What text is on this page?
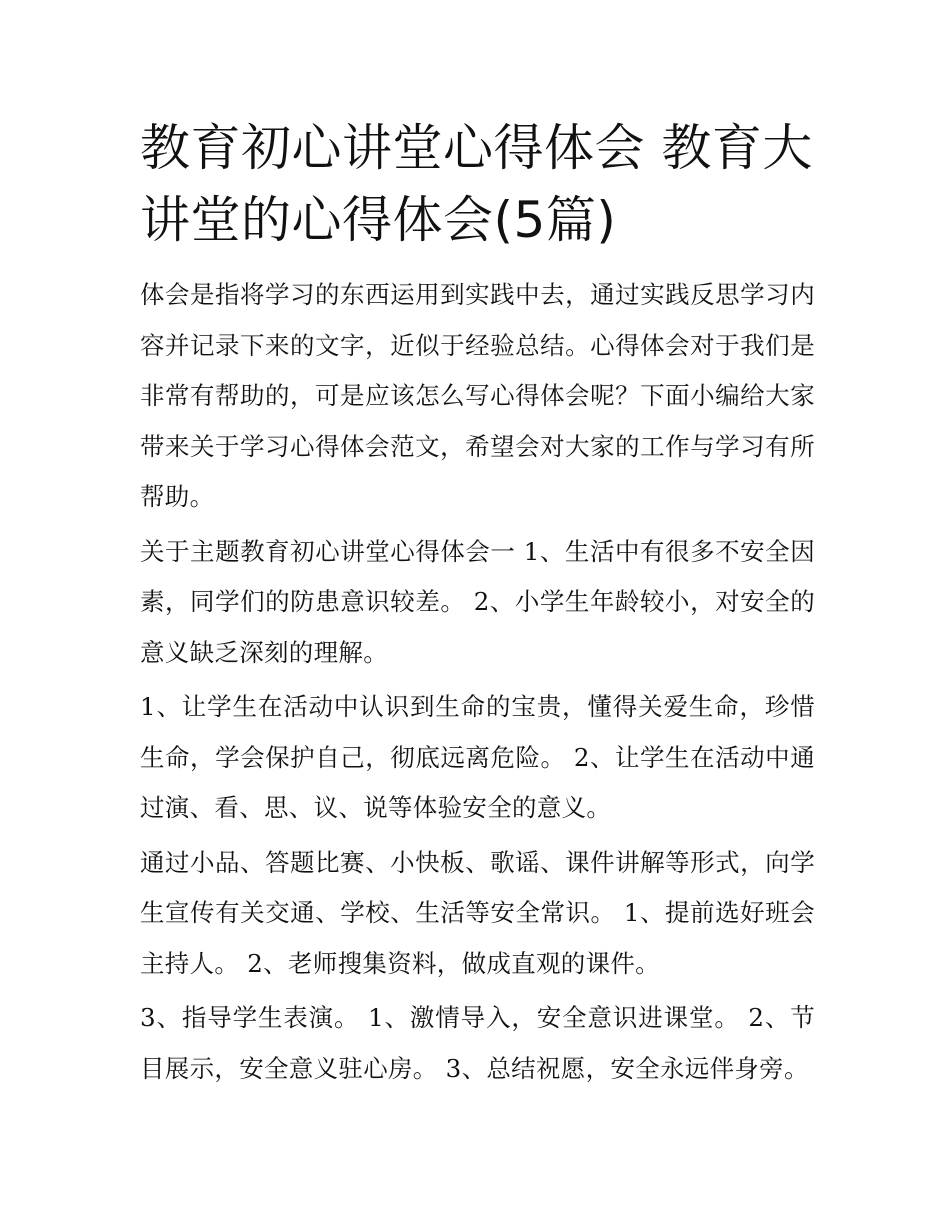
教育初心讲堂心得体会 教育大讲堂的心得体会(5篇)

体会是指将学习的东西运用到实践中去，通过实践反思学习内容并记录下来的文字，近似于经验总结。心得体会对于我们是非常有帮助的，可是应该怎么写心得体会呢？下面小编给大家带来关于学习心得体会范文，希望会对大家的工作与学习有所帮助。

关于主题教育初心讲堂心得体会一 1、生活中有很多不安全因素，同学们的防患意识较差。 2、小学生年龄较小，对安全的意义缺乏深刻的理解。

1、让学生在活动中认识到生命的宝贵，懂得关爱生命，珍惜生命，学会保护自己，彻底远离危险。 2、让学生在活动中通过演、看、思、议、说等体验安全的意义。

通过小品、答题比赛、小快板、歌谣、课件讲解等形式，向学生宣传有关交通、学校、生活等安全常识。 1、提前选好班会主持人。 2、老师搜集资料，做成直观的课件。

3、指导学生表演。 1、激情导入，安全意识进课堂。 2、节目展示，安全意义驻心房。 3、总结祝愿，安全永远伴身旁。
